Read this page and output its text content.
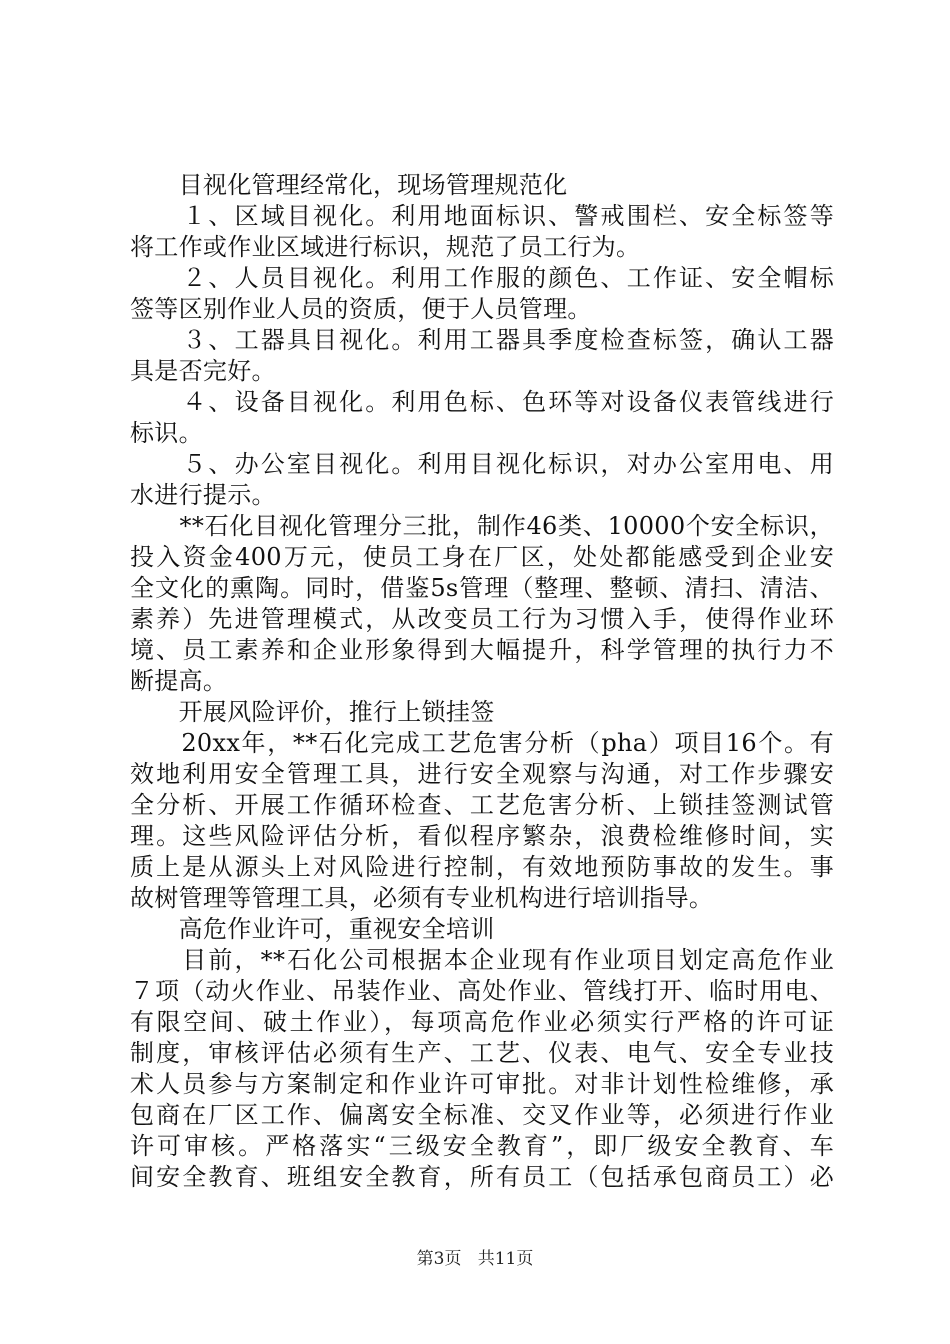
　　目视化管理经常化，现场管理规范化
　　１、区域目视化。利用地面标识、警戒围栏、安全标签等
将工作或作业区域进行标识，规范了员工行为。
　　２、人员目视化。利用工作服的颜色、工作证、安全帽标
签等区别作业人员的资质，便于人员管理。
　　３、工器具目视化。利用工器具季度检查标签，确认工器
具是否完好。
　　４、设备目视化。利用色标、色环等对设备仪表管线进行
标识。
　　５、办公室目视化。利用目视化标识，对办公室用电、用
水进行提示。
　　**石化目视化管理分三批，制作46类、10000个安全标识，
投入资金400万元，使员工身在厂区，处处都能感受到企业安
全文化的熏陶。同时，借鉴5s管理（整理、整顿、清扫、清洁、
素养）先进管理模式，从改变员工行为习惯入手，使得作业环
境、员工素养和企业形象得到大幅提升，科学管理的执行力不
断提高。
　　开展风险评价，推行上锁挂签
　　20xx年，**石化完成工艺危害分析（pha）项目16个。有
效地利用安全管理工具，进行安全观察与沟通，对工作步骤安
全分析、开展工作循环检查、工艺危害分析、上锁挂签测试管
理。这些风险评估分析，看似程序繁杂，浪费检维修时间，实
质上是从源头上对风险进行控制，有效地预防事故的发生。事
故树管理等管理工具，必须有专业机构进行培训指导。
　　高危作业许可，重视安全培训
　　目前，**石化公司根据本企业现有作业项目划定高危作业
７项（动火作业、吊装作业、高处作业、管线打开、临时用电、
有限空间、破土作业），每项高危作业必须实行严格的许可证
制度，审核评估必须有生产、工艺、仪表、电气、安全专业技
术人员参与方案制定和作业许可审批。对非计划性检维修，承
包商在厂区工作、偏离安全标准、交叉作业等，必须进行作业
许可审核。严格落实“三级安全教育”，即厂级安全教育、车
间安全教育、班组安全教育，所有员工（包括承包商员工）必
第3页 共11页
